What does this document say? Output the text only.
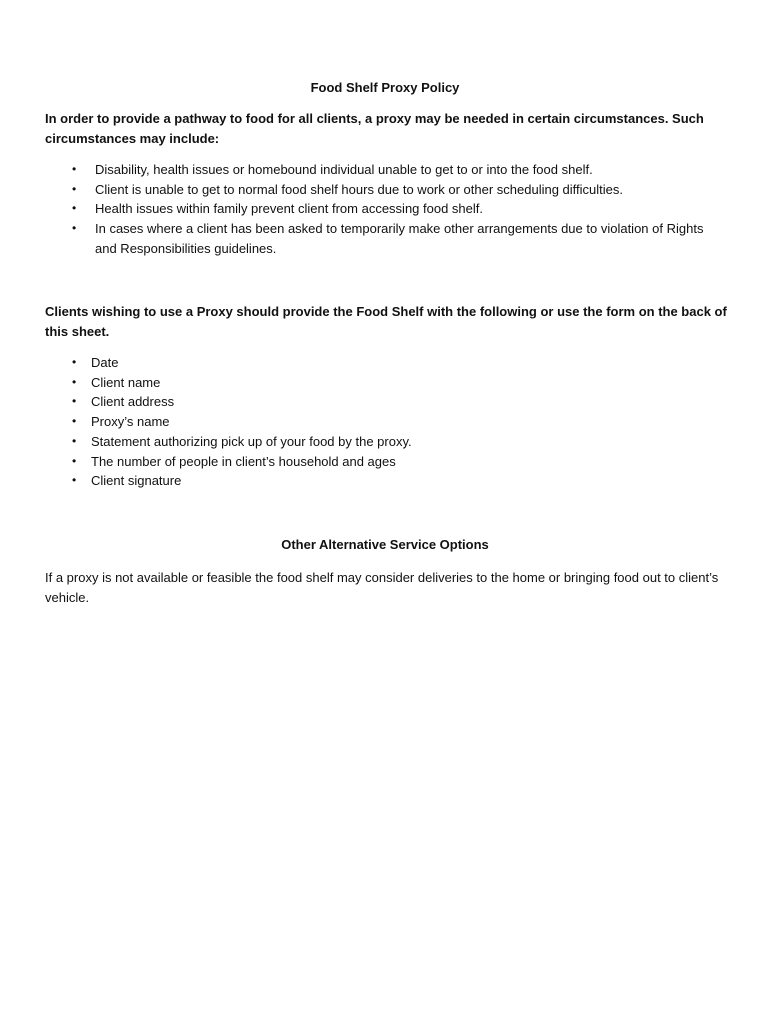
Food Shelf Proxy Policy
In order to provide a pathway to food for all clients, a proxy may be needed in certain circumstances. Such circumstances may include:
• Disability, health issues or homebound individual unable to get to or into the food shelf.
• Client is unable to get to normal food shelf hours due to work or other scheduling difficulties.
• Health issues within family prevent client from accessing food shelf.
• In cases where a client has been asked to temporarily make other arrangements due to violation of Rights and Responsibilities guidelines.
Clients wishing to use a Proxy should provide the Food Shelf with the following or use the form on the back of this sheet.
• Date
• Client name
• Client address
• Proxy’s name
• Statement authorizing pick up of your food by the proxy.
• The number of people in client’s household and ages
• Client signature
Other Alternative Service Options
If a proxy is not available or feasible the food shelf may consider deliveries to the home or bringing food out to client’s vehicle.
